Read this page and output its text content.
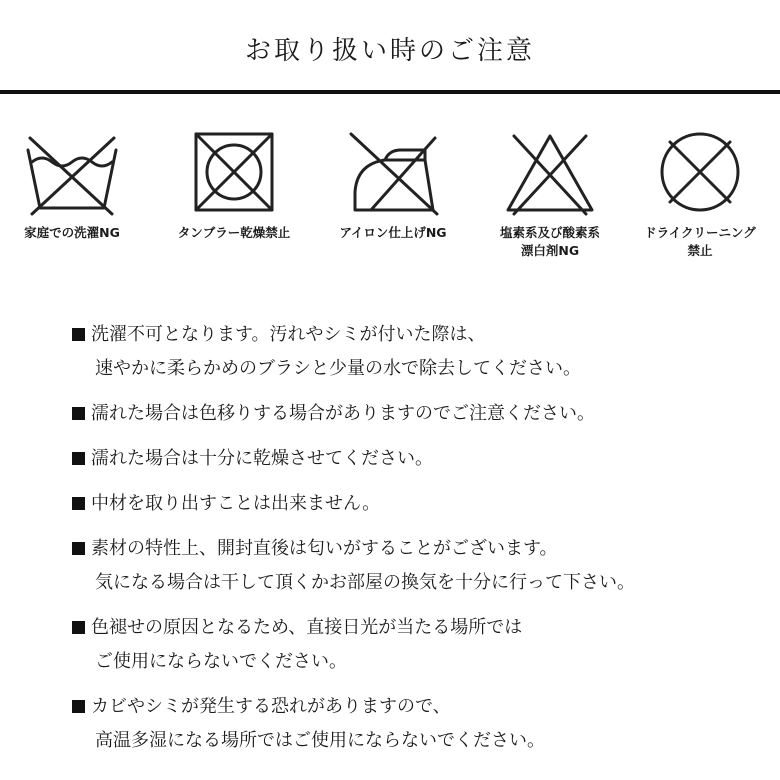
お取り扱い時のご注意
家庭での洗濯NG	タンブラー乾燥禁止	アイロン仕上げNG	塩素系及び酸素系
漂白剤NG
ドライクリーニング
禁止
洗濯不可となります。汚れやシミが付いた際は、
速やかに柔らかめのブラシと少量の水で除去してください。
濡れた場合は色移りする場合がありますのでご注意ください。
濡れた場合は十分に乾燥させてください。
中材を取り出すことは出来ません。
素材の特性上、開封直後は匂いがすることがございます。
気になる場合は干して頂くかお部屋の換気を十分に行って下さい。
色褪せの原因となるため、直接日光が当たる場所では
ご使用にならないでください。
カビやシミが発生する恐れがありますので、
高温多湿になる場所ではご使用にならないでください。
